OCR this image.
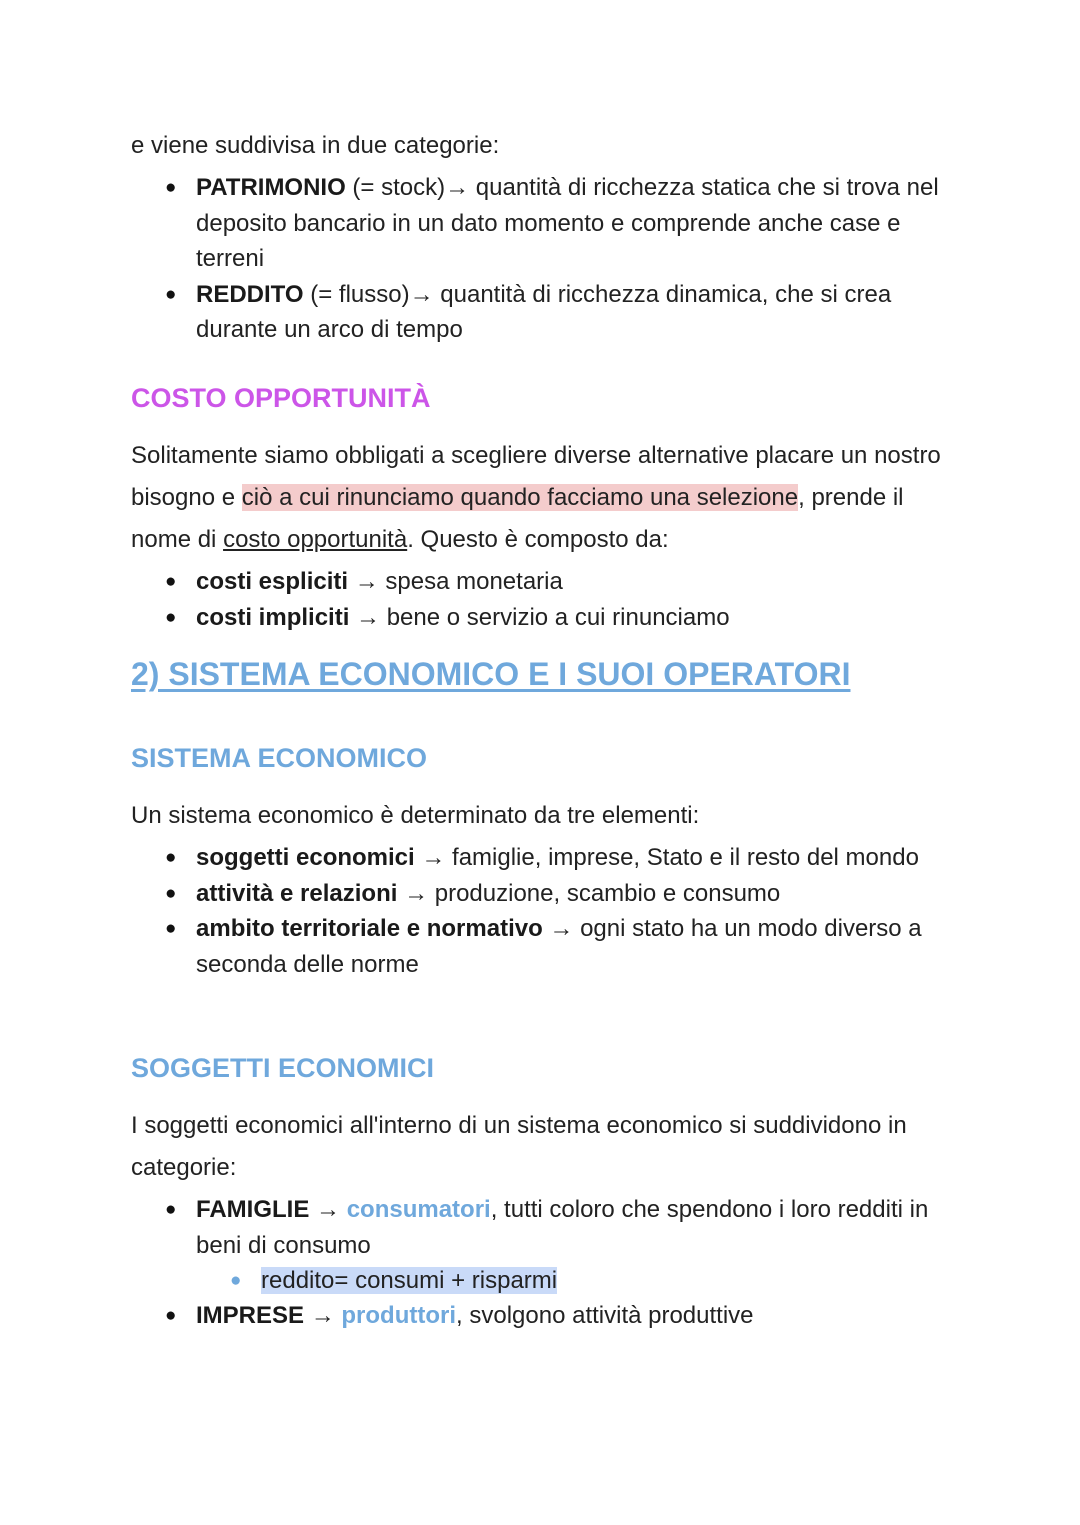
e viene suddivisa in due categorie:

● PATRIMONIO (= stock)→ quantità di ricchezza statica che si trova nel deposito bancario in un dato momento e comprende anche case e terreni
● REDDITO (= flusso)→ quantità di ricchezza dinamica, che si crea durante un arco di tempo
COSTO OPPORTUNITÀ

Solitamente siamo obbligati a scegliere diverse alternative placare un nostro bisogno e ciò a cui rinunciamo quando facciamo una selezione, prende il nome di costo opportunità. Questo è composto da:

● costi espliciti → spesa monetaria
● costi impliciti → bene o servizio a cui rinunciamo
2) SISTEMA ECONOMICO E I SUOI OPERATORI
SISTEMA ECONOMICO

Un sistema economico è determinato da tre elementi:

● soggetti economici → famiglie, imprese, Stato e il resto del mondo
● attività e relazioni → produzione, scambio e consumo
● ambito territoriale e normativo → ogni stato ha un modo diverso a seconda delle norme
SOGGETTI ECONOMICI

I soggetti economici all'interno di un sistema economico si suddividono in categorie:

● FAMIGLIE → consumatori, tutti coloro che spendono i loro redditi in beni di consumo
● reddito= consumi + risparmi
● IMPRESE → produttori, svolgono attività produttive
